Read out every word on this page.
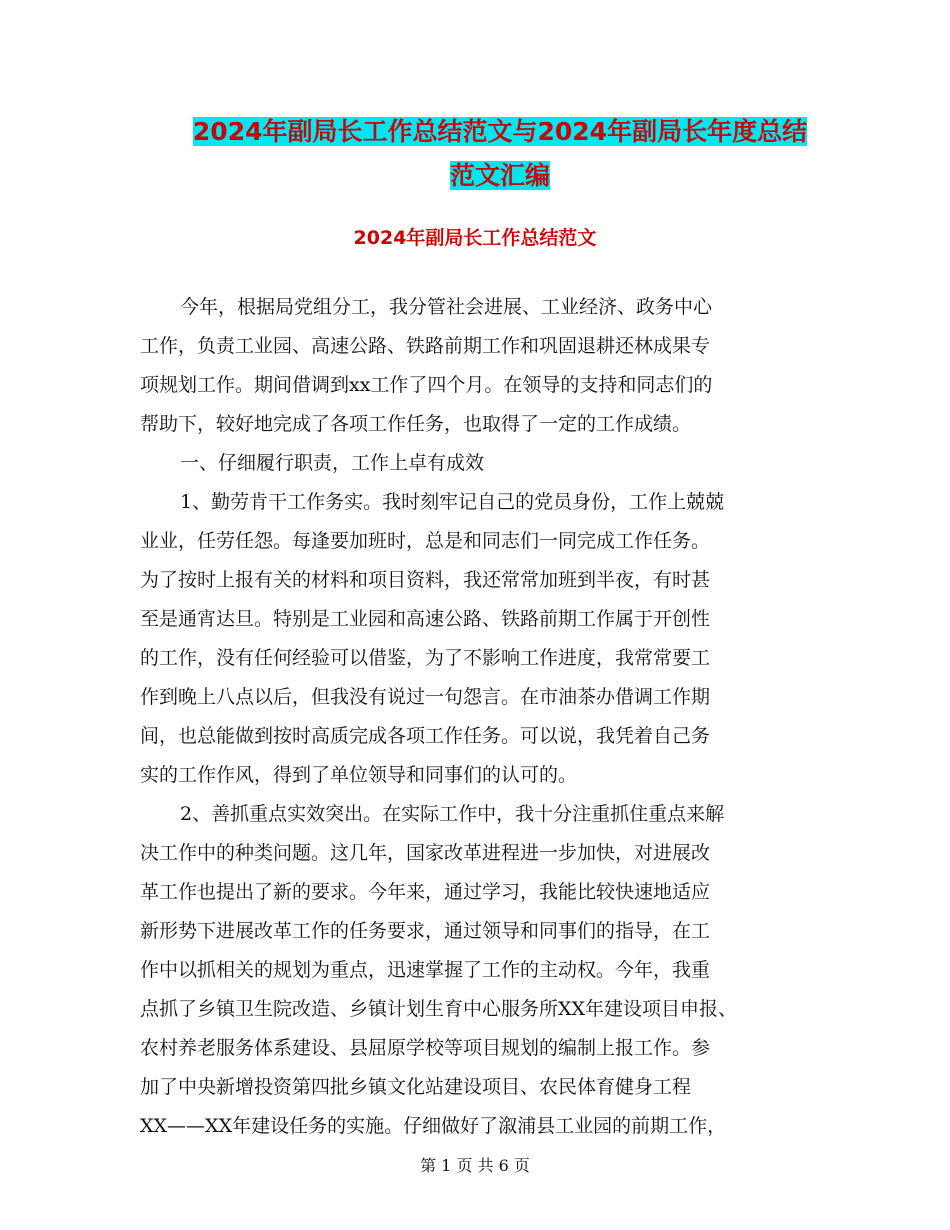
2024年副局长工作总结范文与2024年副局长年度总结
范文汇编
2024年副局长工作总结范文

今年，根据局党组分工，我分管社会进展、工业经济、政务中心

工作，负责工业园、高速公路、铁路前期工作和巩固退耕还林成果专

项规划工作。期间借调到xx工作了四个月。在领导的支持和同志们的

帮助下，较好地完成了各项工作任务，也取得了一定的工作成绩。

一、仔细履行职责，工作上卓有成效

1、勤劳肯干工作务实。我时刻牢记自己的党员身份，工作上兢兢

业业，任劳任怨。每逢要加班时，总是和同志们一同完成工作任务。

为了按时上报有关的材料和项目资料，我还常常加班到半夜，有时甚

至是通宵达旦。特别是工业园和高速公路、铁路前期工作属于开创性

的工作，没有任何经验可以借鉴，为了不影响工作进度，我常常要工

作到晚上八点以后，但我没有说过一句怨言。在市油茶办借调工作期

间，也总能做到按时高质完成各项工作任务。可以说，我凭着自己务

实的工作作风，得到了单位领导和同事们的认可的。

2、善抓重点实效突出。在实际工作中，我十分注重抓住重点来解

决工作中的种类问题。这几年，国家改革进程进一步加快，对进展改

革工作也提出了新的要求。今年来，通过学习，我能比较快速地适应

新形势下进展改革工作的任务要求，通过领导和同事们的指导，在工

作中以抓相关的规划为重点，迅速掌握了工作的主动权。今年，我重

点抓了乡镇卫生院改造、乡镇计划生育中心服务所XX年建设项目申报、

农村养老服务体系建设、县屈原学校等项目规划的编制上报工作。参

加了中央新增投资第四批乡镇文化站建设项目、农民体育健身工程

XX——XX年建设任务的实施。仔细做好了溆浦县工业园的前期工作，

第 1 页 共 6 页
